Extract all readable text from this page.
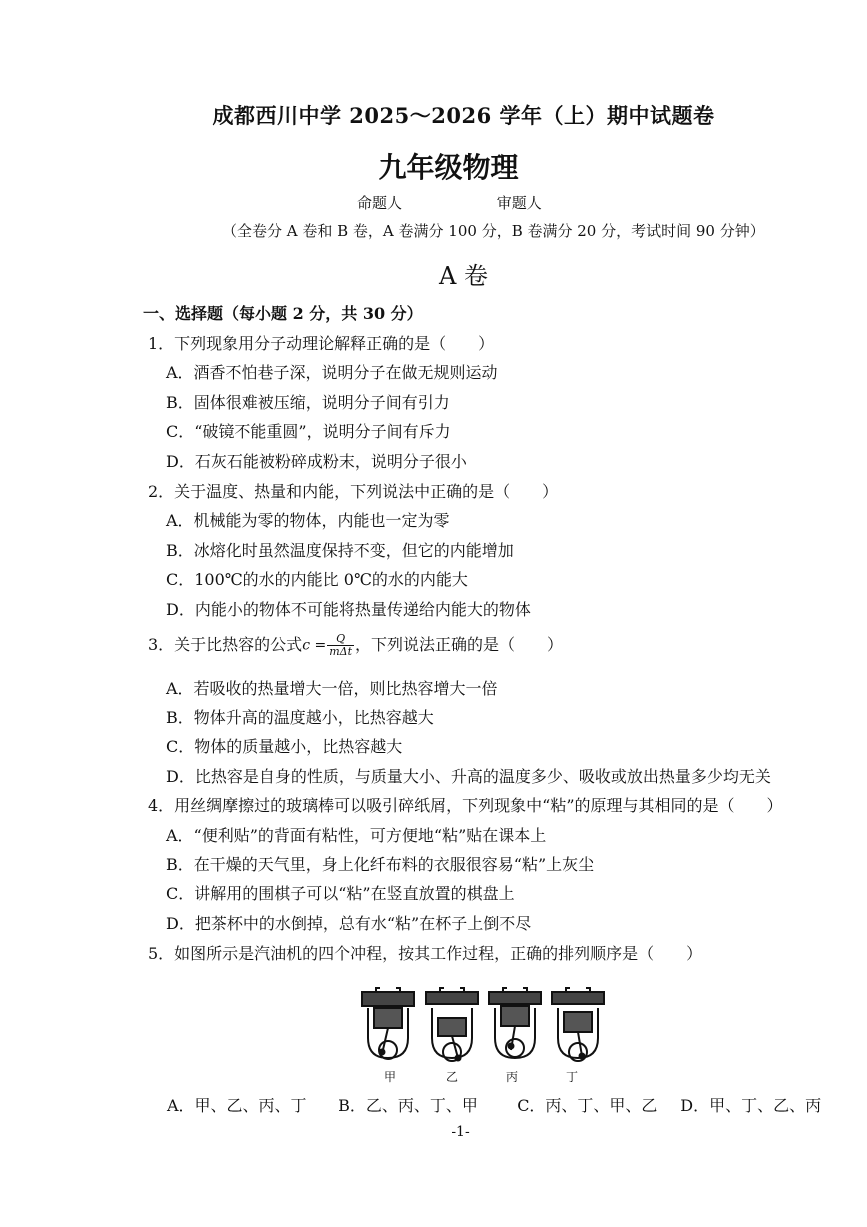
成都西川中学 2025～2026 学年（上）期中试题卷
九年级物理
命题人	审题人
（全卷分 A 卷和 B 卷，A 卷满分 100 分，B 卷满分 20 分，考试时间 90 分钟）
A 卷
一、选择题（每小题 2 分，共 30 分）
1．下列现象用分子动理论解释正确的是（　　）
A．酒香不怕巷子深，说明分子在做无规则运动
B．固体很难被压缩，说明分子间有引力
C．“破镜不能重圆”，说明分子间有斥力
D．石灰石能被粉碎成粉末，说明分子很小
2．关于温度、热量和内能，下列说法中正确的是（　　）
A．机械能为零的物体，内能也一定为零
B．冰熔化时虽然温度保持不变，但它的内能增加
C．100℃的水的内能比 0℃的水的内能大
D．内能小的物体不可能将热量传递给内能大的物体
3．关于比热容的公式$c = \frac{Q}{\text{mΔt}}$ ，下列说法正确的是（　　）
A．若吸收的热量增大一倍，则比热容增大一倍
B．物体升高的温度越小，比热容越大
C．物体的质量越小，比热容越大
D．比热容是自身的性质，与质量大小、升高的温度多少、吸收或放出热量多少均无关
4．用丝绸摩擦过的玻璃棒可以吸引碎纸屑，下列现象中“粘”的原理与其相同的是（　　）
A．“便利贴”的背面有粘性，可方便地“粘”贴在课本上
B．在干燥的天气里，身上化纤布料的衣服很容易“粘”上灰尘
C．讲解用的围棋子可以“粘”在竖直放置的棋盘上
D．把茶杯中的水倒掉，总有水“粘”在杯子上倒不尽
5．如图所示是汽油机的四个冲程，按其工作过程，正确的排列顺序是（　　）
甲	乙	丙	丁
A．甲、乙、丙、丁 B．乙、丙、丁、甲 C．丙、丁、甲、乙 D．甲、丁、乙、丙
-1-
